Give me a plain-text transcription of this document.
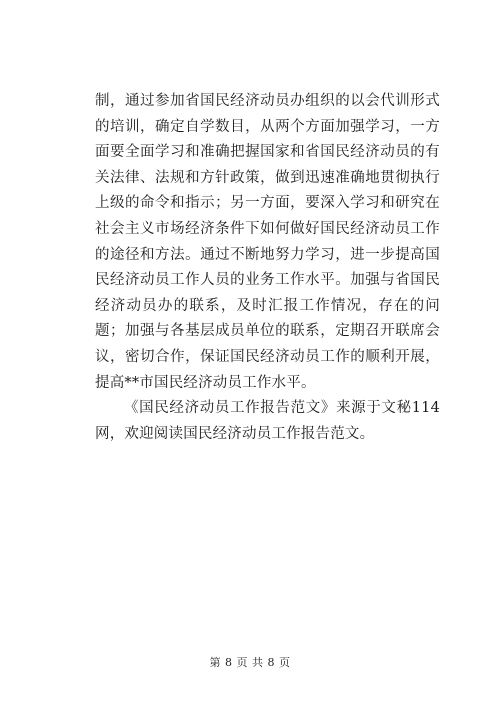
制，通过参加省国民经济动员办组织的以会代训形式的培训，确定自学数目，从两个方面加强学习，一方面要全面学习和准确把握国家和省国民经济动员的有关法律、法规和方针政策，做到迅速准确地贯彻执行上级的命令和指示；另一方面，要深入学习和研究在社会主义市场经济条件下如何做好国民经济动员工作的途径和方法。通过不断地努力学习，进一步提高国民经济动员工作人员的业务工作水平。加强与省国民经济动员办的联系，及时汇报工作情况，存在的问题；加强与各基层成员单位的联系，定期召开联席会议，密切合作，保证国民经济动员工作的顺利开展，提高**市国民经济动员工作水平。

《国民经济动员工作报告范文》来源于文秘114网，欢迎阅读国民经济动员工作报告范文。

第 8 页 共 8 页
